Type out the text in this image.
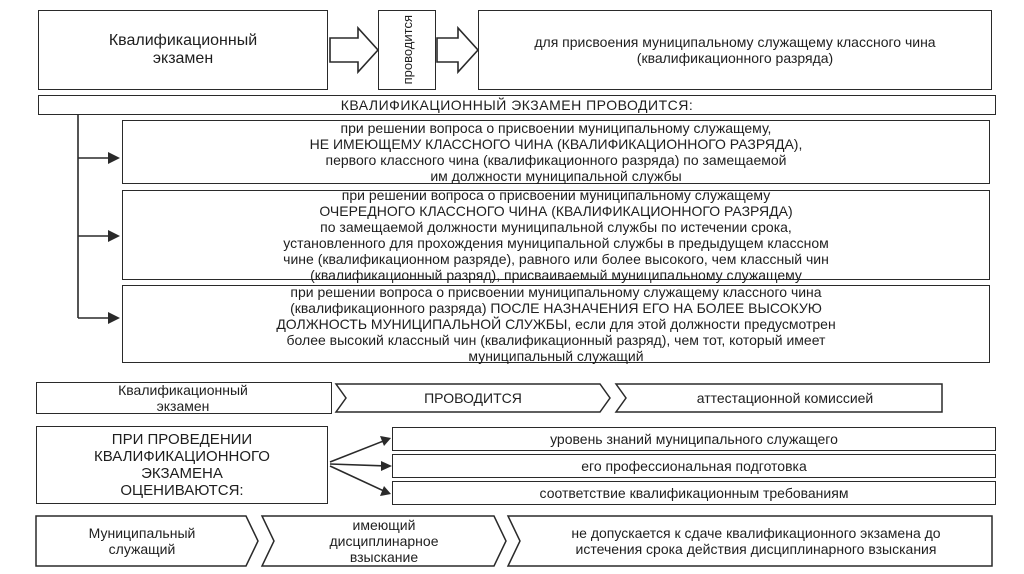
Квалификационный экзамен	проводится	для присвоения муниципальному служащему классного чина (квалификационного разряда)
КВАЛИФИКАЦИОННЫЙ ЭКЗАМЕН ПРОВОДИТСЯ:
при решении вопроса о присвоении муниципальному служащему,
НЕ ИМЕЮЩЕМУ КЛАССНОГО ЧИНА (КВАЛИФИКАЦИОННОГО РАЗРЯДА),
первого классного чина (квалификационного разряда) по замещаемой
им должности муниципальной службы
при решении вопроса о присвоении муниципальному служащему
ОЧЕРЕДНОГО КЛАССНОГО ЧИНА (КВАЛИФИКАЦИОННОГО РАЗРЯДА)
по замещаемой должности муниципальной службы по истечении срока,
установленного для прохождения муниципальной службы в предыдущем классном
чине (квалификационном разряде), равного или более высокого, чем классный чин
(квалификационный разряд), присваиваемый муниципальному служащему
при решении вопроса о присвоении муниципальному служащему классного чина
(квалификационного разряда) ПОСЛЕ НАЗНАЧЕНИЯ ЕГО НА БОЛЕЕ ВЫСОКУЮ
ДОЛЖНОСТЬ МУНИЦИПАЛЬНОЙ СЛУЖБЫ, если для этой должности предусмотрен
более высокий классный чин (квалификационный разряд), чем тот, который имеет
муниципальный служащий
Квалификационный экзамен	ПРОВОДИТСЯ	аттестационной комиссией
ПРИ ПРОВЕДЕНИИ КВАЛИФИКАЦИОННОГО ЭКЗАМЕНА ОЦЕНИВАЮТСЯ:
уровень знаний муниципального служащего
его профессиональная подготовка
соответствие квалификационным требованиям
Муниципальный служащий
имеющий дисциплинарное взыскание
не допускается к сдаче квалификационного экзамена до истечения срока действия дисциплинарного взыскания
